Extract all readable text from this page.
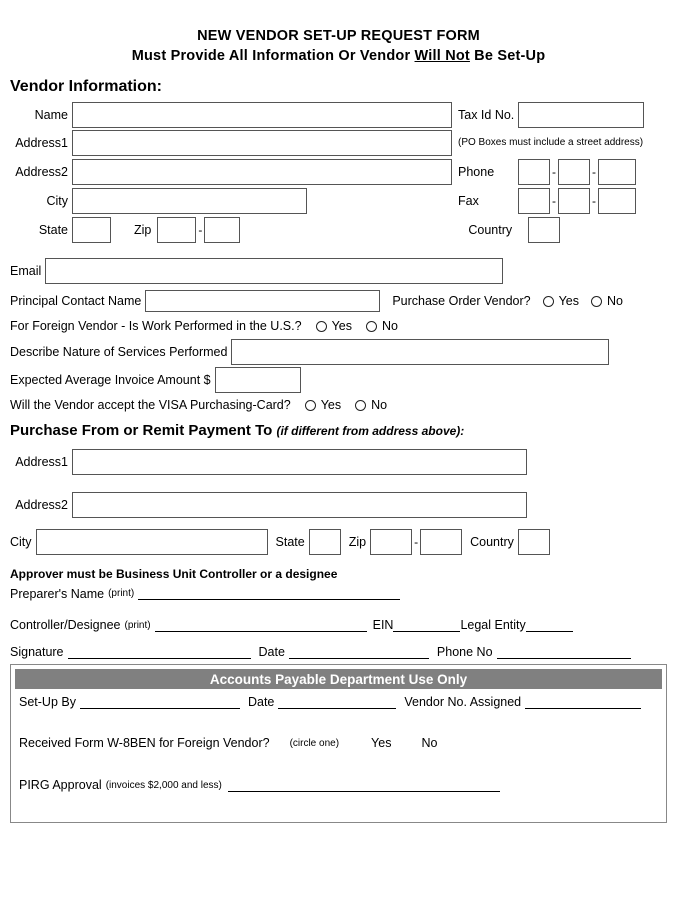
NEW VENDOR SET-UP REQUEST FORM
Must Provide All Information Or Vendor Will Not Be Set-Up
Vendor Information:
Name	Tax Id No.
Address1	(PO Boxes must include a street address)
Address2	Phone	-	-
City	Fax	-	-
State	Zip	-	Country
Email
Principal Contact Name	Purchase Order Vendor? Yes No
For Foreign Vendor - Is Work Performed in the U.S.? Yes No
Describe Nature of Services Performed
Expected Average Invoice Amount $
Will the Vendor accept the VISA Purchasing-Card? Yes No
Purchase From or Remit Payment To (if different from address above):
Address1
Address2
City	State	Zip	-	Country
Approver must be Business Unit Controller or a designee
Preparer's Name (print)
Controller/Designee (print)	EIN	Legal Entity
Signature	Date	Phone No
Accounts Payable Department Use Only
Set-Up By	Date	Vendor No. Assigned
Received Form W-8BEN for Foreign Vendor? (circle one)	Yes No
PIRG Approval (invoices $2,000 and less)
